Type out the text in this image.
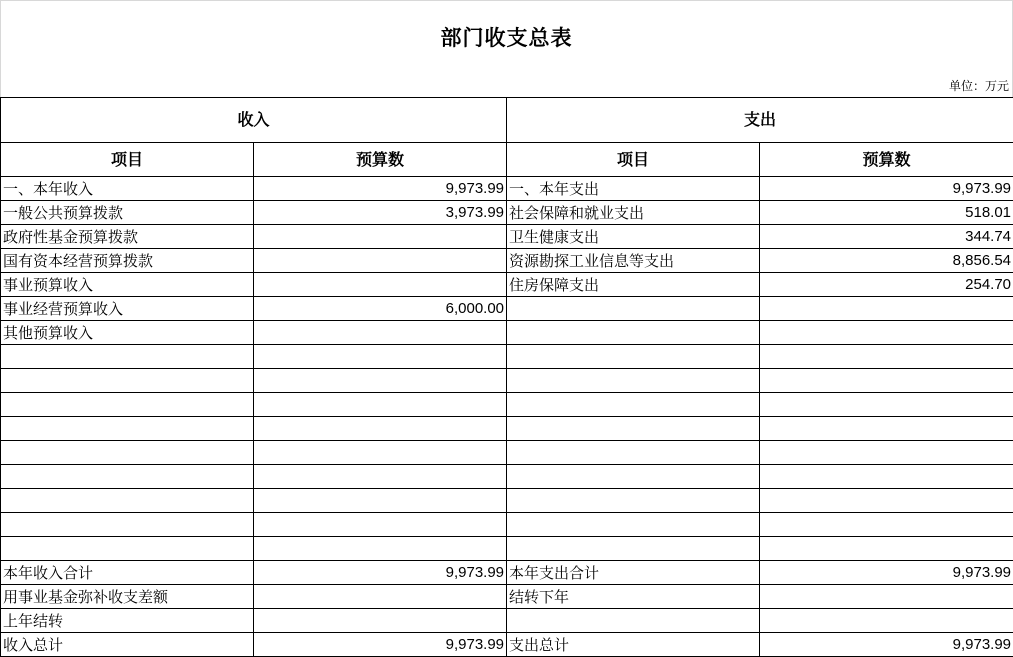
部门收支总表
单位：万元
收入		支出	
项目	预算数	项目	预算数
一、本年收入	9,973.99	一、本年支出	9,973.99
一般公共预算拨款	3,973.99	社会保障和就业支出	518.01
政府性基金预算拨款		卫生健康支出	344.74
国有资本经营预算拨款		资源勘探工业信息等支出	8,856.54
事业预算收入		住房保障支出	254.70
事业经营预算收入	6,000.00		
其他预算收入			

本年收入合计	9,973.99	本年支出合计	9,973.99
用事业基金弥补收支差额		结转下年	
上年结转			
收入总计	9,973.99	支出总计	9,973.99
